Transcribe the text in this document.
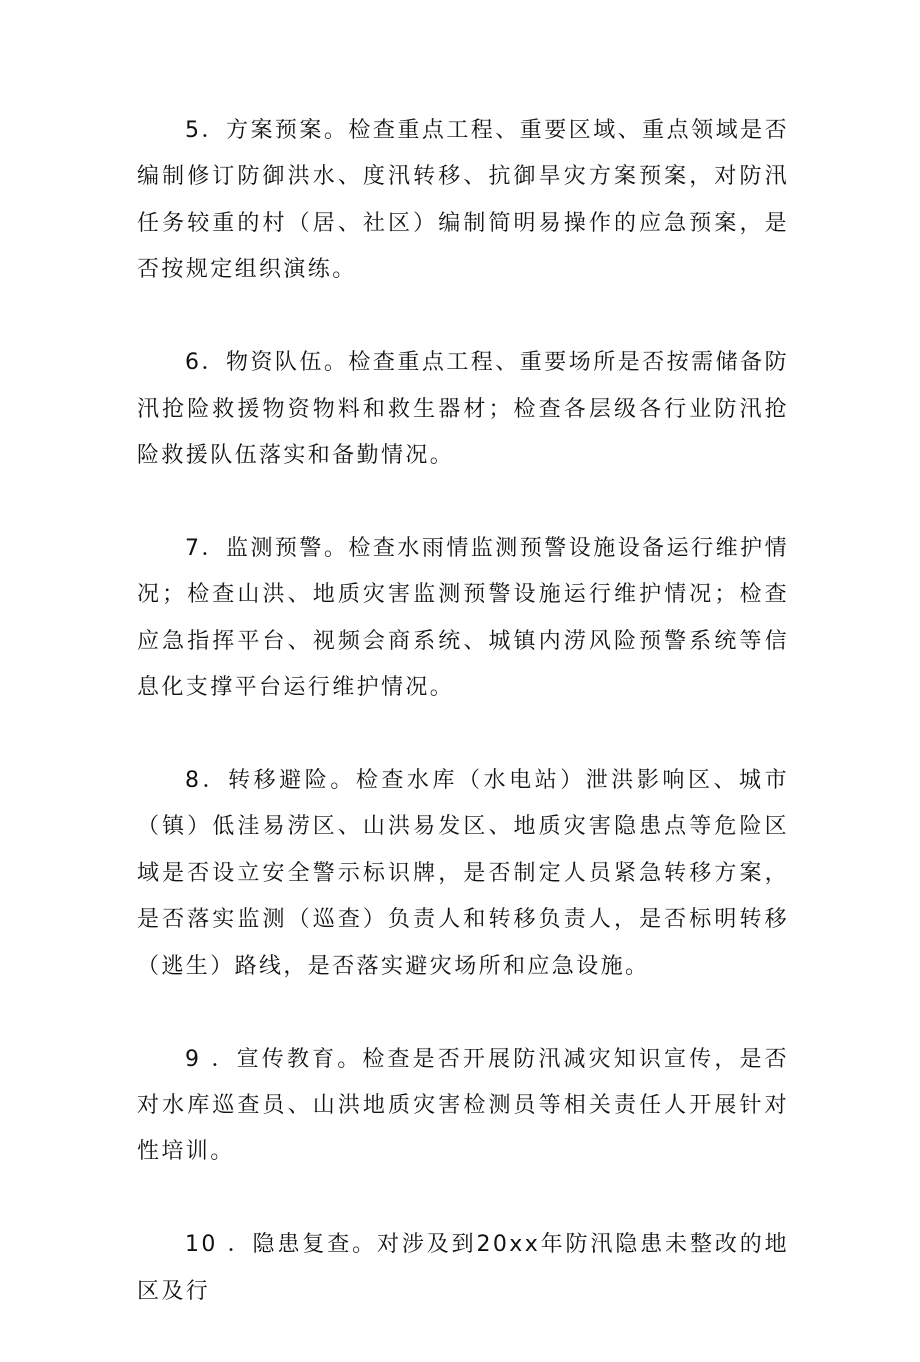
5．方案预案。检查重点工程、重要区域、重点领域是否编制修订防御洪水、度汛转移、抗御旱灾方案预案，对防汛任务较重的村（居、社区）编制简明易操作的应急预案，是否按规定组织演练。

6．物资队伍。检查重点工程、重要场所是否按需储备防汛抢险救援物资物料和救生器材；检查各层级各行业防汛抢险救援队伍落实和备勤情况。

7．监测预警。检查水雨情监测预警设施设备运行维护情况；检查山洪、地质灾害监测预警设施运行维护情况；检查应急指挥平台、视频会商系统、城镇内涝风险预警系统等信息化支撑平台运行维护情况。

8．转移避险。检查水库（水电站）泄洪影响区、城市（镇）低洼易涝区、山洪易发区、地质灾害隐患点等危险区域是否设立安全警示标识牌，是否制定人员紧急转移方案，是否落实监测（巡查）负责人和转移负责人，是否标明转移（逃生）路线，是否落实避灾场所和应急设施。

9 ．宣传教育。检查是否开展防汛减灾知识宣传，是否对水库巡查员、山洪地质灾害检测员等相关责任人开展针对性培训。

10 ．隐患复查。对涉及到20xx年防汛隐患未整改的地区及行
